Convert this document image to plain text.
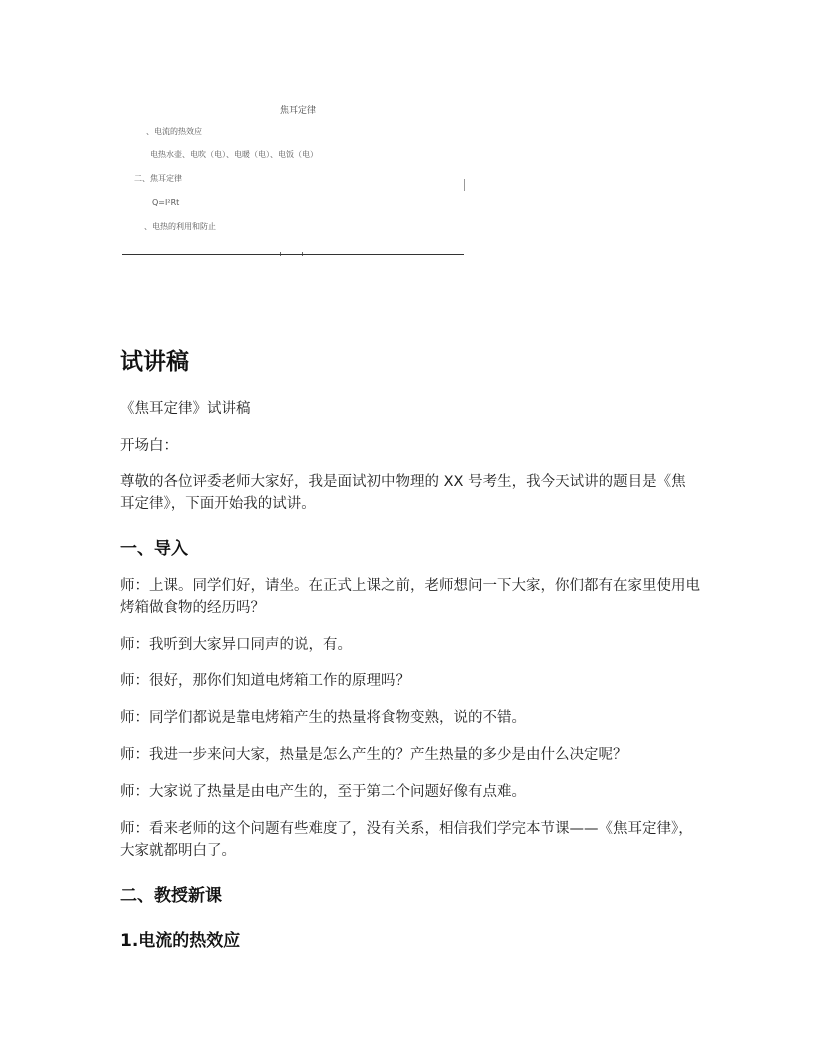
焦耳定律
、电流的热效应
电热水壶、电吹（电）、电暖（电）、电饭（电）
二、焦耳定律
Q=I²Rt
、电热的利用和防止
试讲稿

《焦耳定律》试讲稿

开场白：

尊敬的各位评委老师大家好，我是面试初中物理的 XX 号考生，我今天试讲的题目是《焦耳定律》，下面开始我的试讲。

一、导入

师：上课。同学们好，请坐。在正式上课之前，老师想问一下大家，你们都有在家里使用电烤箱做食物的经历吗？

师：我听到大家异口同声的说，有。

师：很好，那你们知道电烤箱工作的原理吗？

师：同学们都说是靠电烤箱产生的热量将食物变熟，说的不错。

师：我进一步来问大家，热量是怎么产生的？产生热量的多少是由什么决定呢？

师：大家说了热量是由电产生的，至于第二个问题好像有点难。

师：看来老师的这个问题有些难度了，没有关系，相信我们学完本节课——《焦耳定律》，大家就都明白了。

二、教授新课
1.电流的热效应
